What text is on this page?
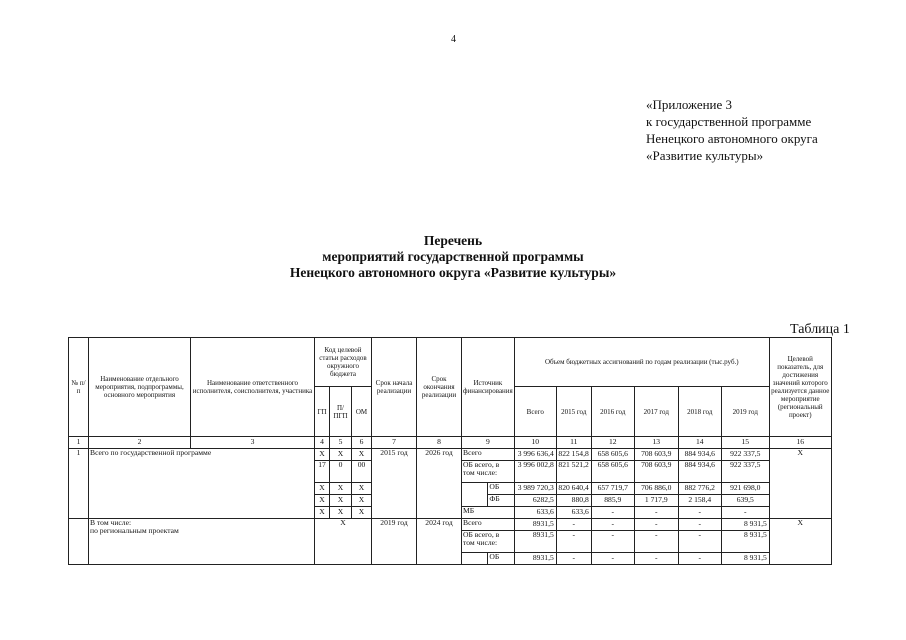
4
«Приложение 3
к государственной программе
Ненецкого автономного округа
«Развитие культуры»
Перечень
мероприятий государственной программы
Ненецкого автономного округа «Развитие культуры»
Таблица 1
№ п/п	Наименование отдельного мероприятия, подпрограммы, основного мероприятия	Наименование ответственного исполнителя, соисполнителя, участника	Код целевой статьи расходов окружного бюджета			Срок начала реализации	Срок окончания реализации	Источник финансирования		Объем бюджетных ассигнований по годам реализации (тыс.руб.)						Целевой показатель, для достижения значений которого реализуется данное мероприятие (региональный проект)
			ГП	П/ ПГП	ОМ					Всего	2015 год	2016 год	2017 год	2018 год	2019 год	
1	2	3	4	5	6	7	8	9		10	11	12	13	14	15	16
1	Всего по государственной программе		Х	Х	Х	2015 год	2026 год	Всего		3 996 636,4	822 154,8	658 605,6	708 603,9	884 934,6	922 337,5	Х
			17	0	00			ОБ всего, в том числе:		3 996 002,8	821 521,2	658 605,6	708 603,9	884 934,6	922 337,5	
			Х	Х	Х				ОБ	3 989 720,3	820 640,4	657 719,7	706 886,0	882 776,2	921 698,0	
			Х	Х	Х				ФБ	6282,5	880,8	885,9	1 717,9	2 158,4	639,5	
			Х	Х	Х			МБ		633,6	633,6	-	-	-	-	

	В том числе:
по региональным проектам		Х			2019 год	2024 год	Всего		8931,5	-	-	-	-	8 931,5	Х
								ОБ всего, в том числе:		8931,5	-	-	-	-	8 931,5	
									ОБ	8931,5	-	-	-	-	8 931,5	
